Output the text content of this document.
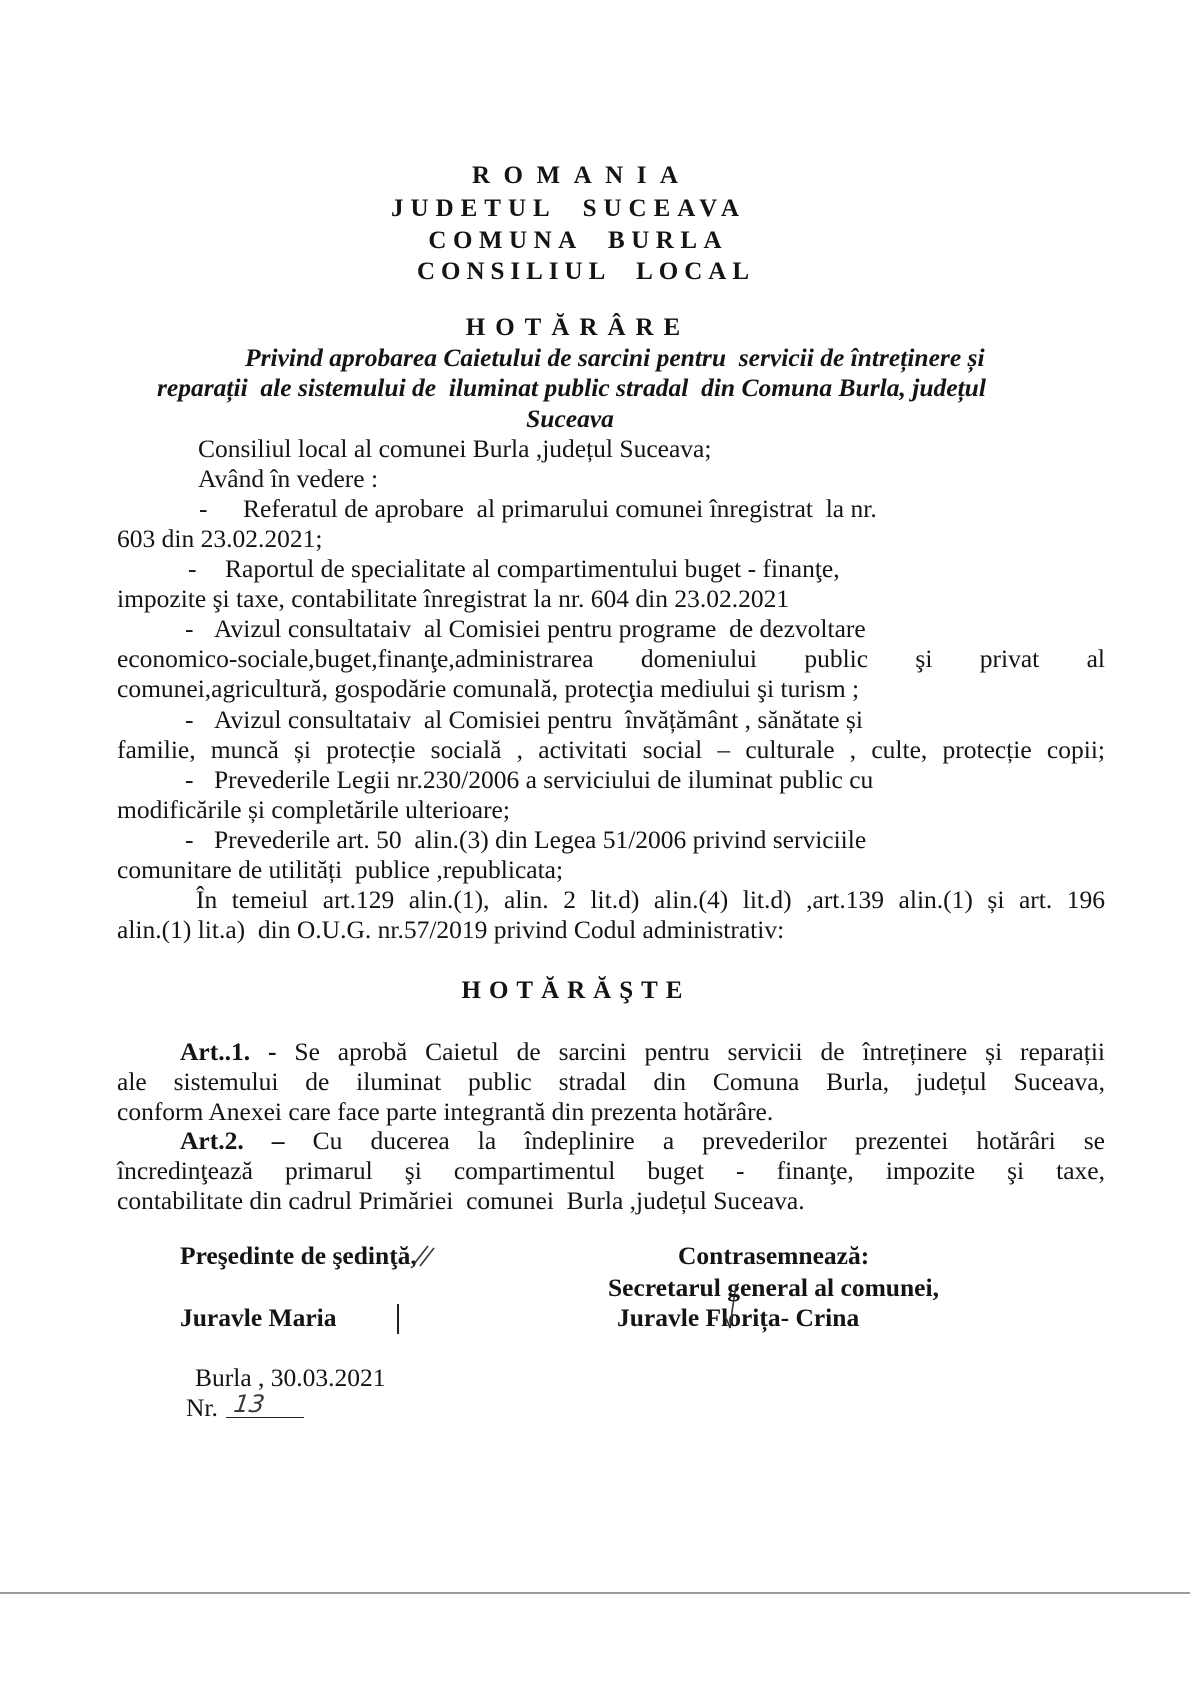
ROMANIA
JUDETUL SUCEAVA
COMUNA BURLA
CONSILIUL LOCAL
HOTĂRÂRE
Privind aprobarea Caietului de sarcini pentru  servicii de întreținere și
reparații  ale sistemului de  iluminat public stradal  din Comuna Burla, județul
Suceava
Consiliul local al comunei Burla ,județul Suceava;
Având în vedere :
- Referatul de aprobare  al primarului comunei înregistrat  la nr.
603 din 23.02.2021;
- Raportul de specialitate al compartimentului buget - finanţe,
impozite şi taxe, contabilitate înregistrat la nr. 604 din 23.02.2021
- Avizul consultataiv  al Comisiei pentru programe  de dezvoltare
economico-sociale,buget,finanţe,administrarea domeniului public şi privat al
comunei,agricultură, gospodărie comunală, protecţia mediului şi turism ;
- Avizul consultataiv  al Comisiei pentru  învățământ , sănătate și
familie, muncă și protecție socială , activitati social – culturale , culte, protecție copii;
- Prevederile Legii nr.230/2006 a serviciului de iluminat public cu
modificările și completările ulterioare;
- Prevederile art. 50  alin.(3) din Legea 51/2006 privind serviciile
comunitare de utilități  publice ,republicata;
În temeiul art.129 alin.(1), alin. 2 lit.d) alin.(4) lit.d) ,art.139 alin.(1) și art. 196
alin.(1) lit.a)  din O.U.G. nr.57/2019 privind Codul administrativ:
HOTĂRĂŞTE
Art..1. - Se aprobă Caietul de sarcini pentru servicii de întreținere și reparații
ale sistemului de iluminat public stradal din Comuna Burla, județul Suceava,
conform Anexei care face parte integrantă din prezenta hotărâre.
Art.2. – Cu ducerea la îndeplinire a prevederilor prezentei hotărâri se
încredinţează primarul şi compartimentul buget - finanţe, impozite şi taxe,
contabilitate din cadrul Primăriei  comunei  Burla ,județul Suceava.
Preşedinte de şedinţă,	Contrasemnează:
Secretarul general al comunei,
Juravle Maria	Juravle Florița- Crina
Burla , 30.03.2021
Nr. 13
